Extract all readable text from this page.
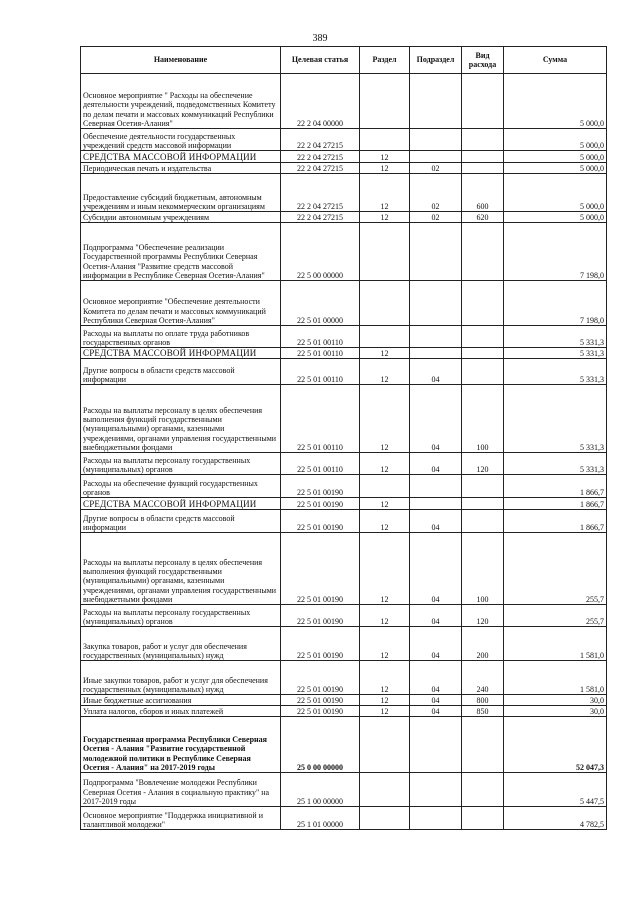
389
Наименование	Целевая статья	Раздел	Подраздел	Вид расхода	Сумма
Основное мероприятие " Расходы на обеспечение деятельности учреждений, подведомственных Комитету по делам печати и массовых коммуникаций Республики Северная Осетия-Алания"	22 2 04 00000				5 000,0
Обеспечение деятельности государственных учреждений средств массовой информации	22 2 04 27215				5 000,0
СРЕДСТВА МАССОВОЙ ИНФОРМАЦИИ	22 2 04 27215	12			5 000,0
Периодическая печать и издательства	22 2 04 27215	12	02		5 000,0
Предоставление субсидий бюджетным, автономным учреждениям и иным некоммерческим организациям	22 2 04 27215	12	02	600	5 000,0
Субсидии автономным учреждениям	22 2 04 27215	12	02	620	5 000,0
Подпрограмма "Обеспечение реализации Государственной программы Республики Северная Осетия-Алания "Развитие средств массовой информации в Республике Северная Осетия-Алания"	22 5 00 00000				7 198,0
Основное мероприятие "Обеспечение деятельности Комитета по делам печати и массовых коммуникаций Республики Северная Осетия-Алания"	22 5 01 00000				7 198,0
Расходы на выплаты по оплате труда работников государственных органов	22 5 01 00110				5 331,3
СРЕДСТВА МАССОВОЙ ИНФОРМАЦИИ	22 5 01 00110	12			5 331,3
Другие вопросы в области средств массовой информации	22 5 01 00110	12	04		5 331,3
Расходы на выплаты персоналу в целях обеспечения выполнения функций государственными (муниципальными) органами, казенными учреждениями, органами управления государственными внебюджетными фондами	22 5 01 00110	12	04	100	5 331,3
Расходы на выплаты персоналу государственных (муниципальных) органов	22 5 01 00110	12	04	120	5 331,3
Расходы на обеспечение функций государственных органов	22 5 01 00190				1 866,7
СРЕДСТВА МАССОВОЙ ИНФОРМАЦИИ	22 5 01 00190	12			1 866,7
Другие вопросы в области средств массовой информации	22 5 01 00190	12	04		1 866,7
Расходы на выплаты персоналу в целях обеспечения выполнения функций государственными (муниципальными) органами, казенными учреждениями, органами управления государственными внебюджетными фондами	22 5 01 00190	12	04	100	255,7
Расходы на выплаты персоналу государственных (муниципальных) органов	22 5 01 00190	12	04	120	255,7
Закупка товаров, работ и услуг для обеспечения государственных (муниципальных) нужд	22 5 01 00190	12	04	200	1 581,0
Иные закупки товаров, работ и услуг для обеспечения государственных (муниципальных) нужд	22 5 01 00190	12	04	240	1 581,0
Иные бюджетные ассигнования	22 5 01 00190	12	04	800	30,0
Уплата налогов, сборов и иных платежей	22 5 01 00190	12	04	850	30,0
Государственная программа Республики Северная Осетия - Алания "Развитие государственной молодежной политики в Республике Северная Осетия - Алания" на 2017-2019 годы	25 0 00 00000				52 047,3
Подпрограмма "Вовлечение молодежи Республики Северная Осетия - Алания в социальную практику" на 2017-2019 годы	25 1 00 00000				5 447,5
Основное мероприятие "Поддержка инициативной и талантливой молодежи"	25 1 01 00000				4 782,5
